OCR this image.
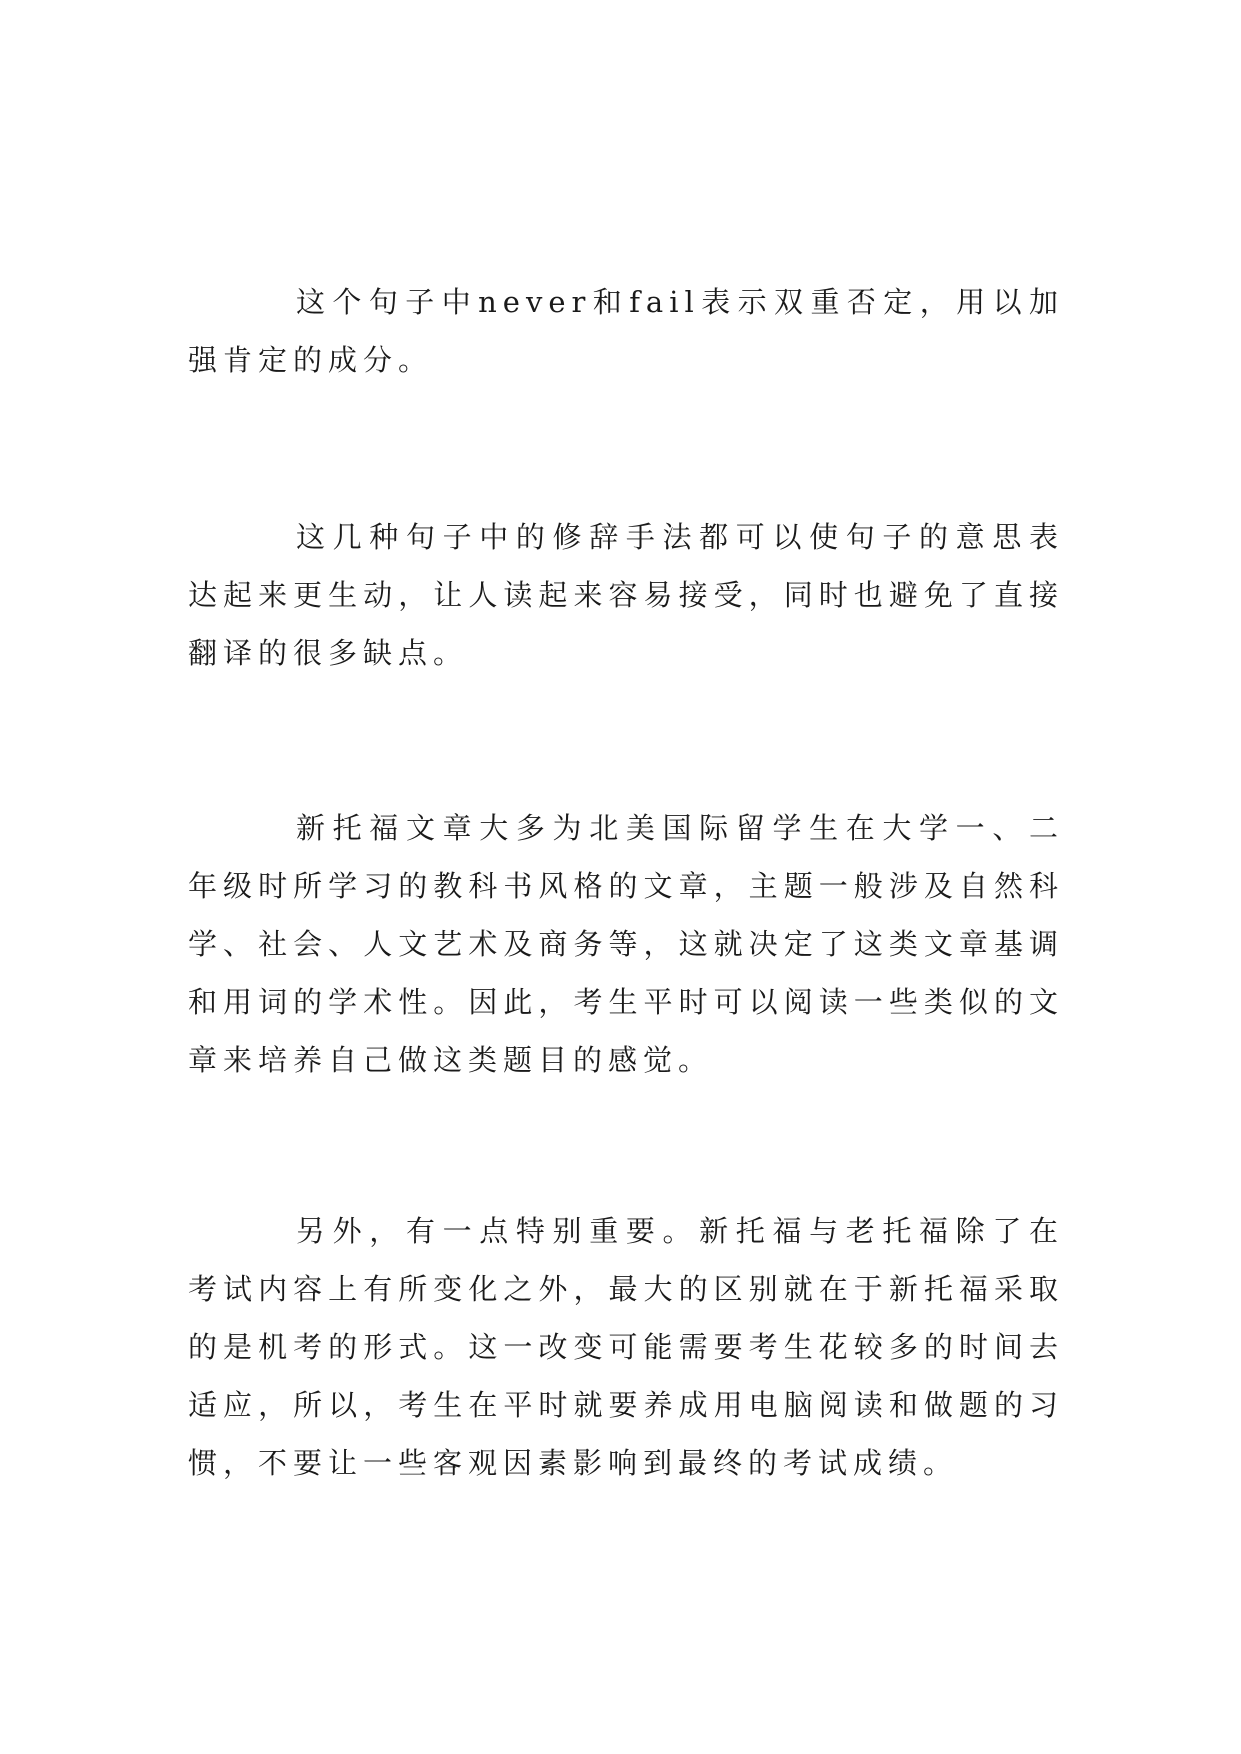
这个句子中never和fail表示双重否定，用以加强肯定的成分。

这几种句子中的修辞手法都可以使句子的意思表达起来更生动，让人读起来容易接受，同时也避免了直接翻译的很多缺点。

新托福文章大多为北美国际留学生在大学一、二年级时所学习的教科书风格的文章，主题一般涉及自然科学、社会、人文艺术及商务等，这就决定了这类文章基调和用词的学术性。因此，考生平时可以阅读一些类似的文章来培养自己做这类题目的感觉。

另外，有一点特别重要。新托福与老托福除了在考试内容上有所变化之外，最大的区别就在于新托福采取的是机考的形式。这一改变可能需要考生花较多的时间去适应，所以，考生在平时就要养成用电脑阅读和做题的习惯，不要让一些客观因素影响到最终的考试成绩。
